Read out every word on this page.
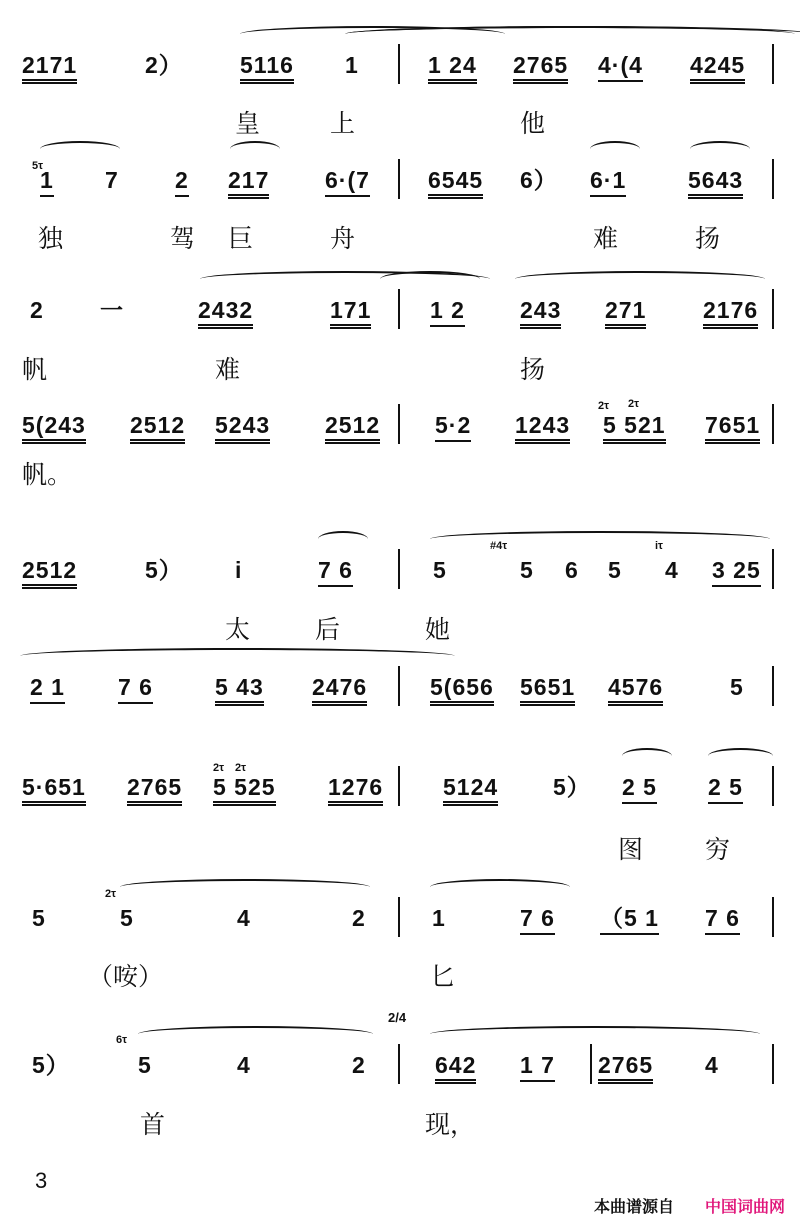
2171	2） 5116 1	1 24 2765 4·(4 4245
皇	上	他
1 7 2 217 6·(7	6545 6） 6·1	5643
独	驾 巨	舟	难	扬
2 一	2432	171	1 2 243 271 2176
帆	难	扬
5(243 2512 5243 2512 5·2 1243 5 521 7651
帆。
2512	5） i	7 6	5	5 6 5 4 3 25
太	后	她
2 1 7 6	5 43 2476	5(656 5651 4576	5
5·651 2765 5 525 1276	5124 5） 2 5 2 5
图 穷
5	5	4	2	1	7 6 （5 1 7 6
（咹）	匕
5）	5	4	2	642 1 7 2765 4
首	现，
5τ
2τ 2τ
#4τ	iτ
2τ 2τ
2τ
6τ
2/4
3
本曲谱源自 中国词曲网
